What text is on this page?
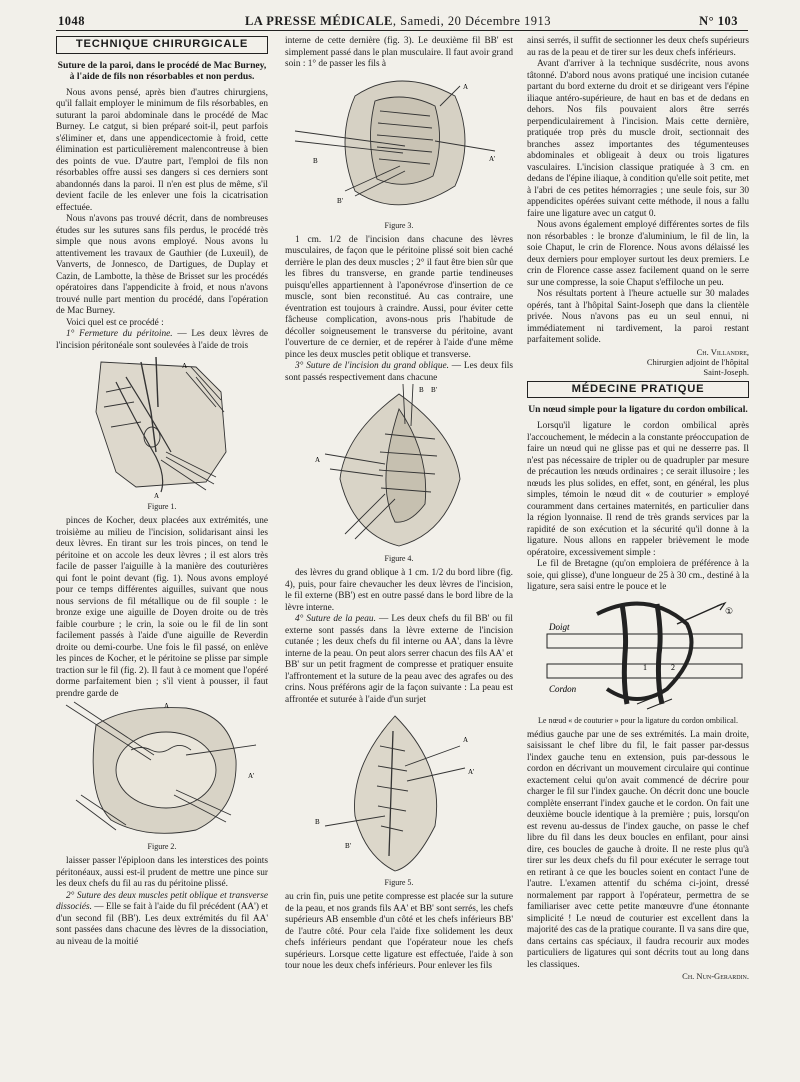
1048	LA PRESSE MÉDICALE, Samedi, 20 Décembre 1913	N° 103
TECHNIQUE CHIRURGICALE
Suture de la paroi, dans le procédé de Mac Burney, à l'aide de fils non résorbables et non perdus.

Nous avons pensé, après bien d'autres chirurgiens, qu'il fallait employer le minimum de fils résorbables, en suturant la paroi abdominale dans le procédé de Mac Burney. Le catgut, si bien préparé soit-il, peut parfois s'éliminer et, dans une appendicectomie à froid, cette élimination est particulièrement malencontreuse à bien des points de vue. D'autre part, l'emploi de fils non résorbables offre aussi ses dangers si ces derniers sont abandonnés dans la paroi. Il n'en est plus de même, s'il devient facile de les enlever une fois la cicatrisation effectuée.

Nous n'avons pas trouvé décrit, dans de nombreuses études sur les sutures sans fils perdus, le procédé très simple que nous avons employé. Nous avons lu attentivement les travaux de Gauthier (de Luxeuil), de Vanverts, de Jonnesco, de Dartigues, de Duplay et Cazin, de Lambotte, la thèse de Brisset sur les procédés opératoires dans l'appendicite à froid, et nous n'avons trouvé nulle part mention du procédé, dans l'opération de Mac Burney.

Voici quel est ce procédé :

1° Fermeture du péritoine. — Les deux lèvres de l'incision péritonéale sont soulevées à l'aide de trois

A
A
Figure 1.

pinces de Kocher, deux placées aux extrémités, une troisième au milieu de l'incision, solidarisant ainsi les deux lèvres. En tirant sur les trois pinces, on tend le péritoine et on accole les deux lèvres ; il est alors très facile de passer l'aiguille à la manière des couturières qui font le point devant (fig. 1). Nous avons employé pour ce temps différentes aiguilles, suivant que nous nous servions de fil métallique ou de fil souple : le bronze exige une aiguille de Doyen droite ou de très faible courbure ; le crin, la soie ou le fil de lin sont facilement passés à l'aide d'une aiguille de Reverdin droite ou demi-courbe. Une fois le fil passé, on enlève les pinces de Kocher, et le péritoine se plisse par simple traction sur le fil (fig. 2). Il faut à ce moment que l'opéré dorme parfaitement bien ; s'il vient à pousser, il faut prendre garde de

A
A'
Figure 2.

laisser passer l'épiploon dans les interstices des points péritonéaux, aussi est-il prudent de mettre une pince sur les deux chefs du fil au ras du péritoine plissé.

2° Suture des deux muscles petit oblique et transverse dissociés. — Elle se fait à l'aide du fil précédent (AA') et d'un second fil (BB'). Les deux extrémités du fil AA' sont passées dans chacune des lèvres de la dissociation, au niveau de la moitié

interne de cette dernière (fig. 3). Le deuxième fil BB' est simplement passé dans le plan musculaire. Il faut avoir grand soin : 1° de passer les fils à

A
A'
B
B'
Figure 3.

1 cm. 1/2 de l'incision dans chacune des lèvres musculaires, de façon que le péritoine plissé soit bien caché derrière le plan des deux muscles ; 2° il faut être bien sûr que les fibres du transverse, en grande partie tendineuses puisqu'elles appartiennent à l'aponévrose d'insertion de ce muscle, sont bien reconstitué. Au cas contraire, une éventration est toujours à craindre. Aussi, pour éviter cette fâcheuse complication, avons-nous pris l'habitude de décoller soigneusement le transverse du péritoine, avant l'ouverture de ce dernier, et de repérer à l'aide d'une même pince les deux muscles petit oblique et transverse.

3° Suture de l'incision du grand oblique. — Les deux fils sont passés respectivement dans chacune

B B'
A
Figure 4.

des lèvres du grand oblique à 1 cm. 1/2 du bord libre (fig. 4), puis, pour faire chevaucher les deux lèvres de l'incision, le fil externe (BB') est en outre passé dans le bord libre de la lèvre interne.

4° Suture de la peau. — Les deux chefs du fil BB' ou fil externe sont passés dans la lèvre externe de l'incision cutanée ; les deux chefs du fil interne ou AA', dans la lèvre interne de la peau. On peut alors serrer chacun des fils AA' et BB' sur un petit fragment de compresse et pratiquer ensuite l'affrontement et la suture de la peau avec des agrafes ou des crins. Nous préférons agir de la façon suivante : La peau est affrontée et suturée à l'aide d'un surjet

A
A'
B
B'
Figure 5.

au crin fin, puis une petite compresse est placée sur la suture de la peau, et nos grands fils AA' et BB' sont serrés, les chefs supérieurs AB ensemble d'un côté et les chefs inférieurs BB' de l'autre côté. Pour cela l'aide fixe solidement les deux chefs inférieurs pendant que l'opérateur noue les chefs supérieurs. Lorsque cette ligature est effectuée, l'aide à son tour noue les deux chefs inférieurs. Pour enlever les fils

ainsi serrés, il suffit de sectionner les deux chefs supérieurs au ras de la peau et de tirer sur les deux chefs inférieurs.

Avant d'arriver à la technique susdécrite, nous avons tâtonné. D'abord nous avons pratiqué une incision cutanée partant du bord externe du droit et se dirigeant vers l'épine iliaque antéro-supérieure, de haut en bas et de dedans en dehors. Nos fils pouvaient alors être serrés perpendiculairement à l'incision. Mais cette dernière, pratiquée trop près du muscle droit, sectionnait des branches assez importantes des tégumenteuses abdominales et obligeait à deux ou trois ligatures vasculaires. L'incision classique pratiquée à 3 cm. en dedans de l'épine iliaque, à condition qu'elle soit petite, met à l'abri de ces petites hémorragies ; une seule fois, sur 30 appendicites opérées suivant cette méthode, il nous a fallu faire une ligature avec un catgut 0.

Nous avons également employé différentes sortes de fils non résorbables : le bronze d'aluminium, le fil de lin, la soie Chaput, le crin de Florence. Nous avons délaissé les deux derniers pour employer surtout les deux premiers. Le crin de Florence casse assez facilement quand on le serre sur une compresse, la soie Chaput s'effiloche un peu.

Nos résultats portent à l'heure actuelle sur 30 malades opérés, tant à l'hôpital Saint-Joseph que dans la clientèle privée. Nous n'avons pas eu un seul ennui, ni immédiatement ni tardivement, la paroi restant parfaitement solide.

Ch. Villandre,
Chirurgien adjoint de l'hôpital
Saint-Joseph.
MÉDECINE PRATIQUE
Un nœud simple pour la ligature du cordon ombilical.

Lorsqu'il ligature le cordon ombilical après l'accouchement, le médecin a la constante préoccupation de faire un nœud qui ne glisse pas et qui ne desserre pas. Il n'est pas nécessaire de tripler ou de quadrupler par mesure de précaution les nœuds ordinaires ; ce serait illusoire ; les nœuds les plus solides, en effet, sont, en général, les plus simples, témoin le nœud dit « de couturier » employé couramment dans certaines maternités, en particulier dans la région lyonnaise. Il rend de très grands services par la rapidité de son exécution et la sécurité qu'il donne à la ligature. Nous allons en rappeler brièvement le mode opératoire, excessivement simple :

Le fil de Bretagne (qu'on emploiera de préférence à la soie, qui glisse), d'une longueur de 25 à 30 cm., destiné à la ligature, sera saisi entre le pouce et le

Doigt
Cordon
1	2
①
Le nœud « de couturier » pour la ligature du cordon ombilical.

médius gauche par une de ses extrémités. La main droite, saisissant le chef libre du fil, le fait passer par-dessus l'index gauche tenu en extension, puis par-dessous le cordon en décrivant un mouvement circulaire qui continue exactement celui qu'on avait commencé de décrire pour charger le fil sur l'index gauche. On décrit donc une boucle complète enserrant l'index gauche et le cordon. On fait une deuxième boucle identique à la première ; puis, lorsqu'on est revenu au-dessus de l'index gauche, on passe le chef libre du fil dans les deux boucles en enfilant, pour ainsi dire, ces boucles de gauche à droite. Il ne reste plus qu'à tirer sur les deux chefs du fil pour exécuter le serrage tout en retirant à ce que les boucles soient en contact l'une de l'autre. L'examen attentif du schéma ci-joint, dressé normalement par rapport à l'opérateur, permettra de se familiariser avec cette petite manœuvre d'une étonnante simplicité ! Le nœud de couturier est excellent dans la majorité des cas de la pratique courante. Il va sans dire que, dans certains cas spéciaux, il faudra recourir aux modes particuliers de ligatures qui sont décrits tout au long dans les classiques.

Ch. Nun-Gerardin.
